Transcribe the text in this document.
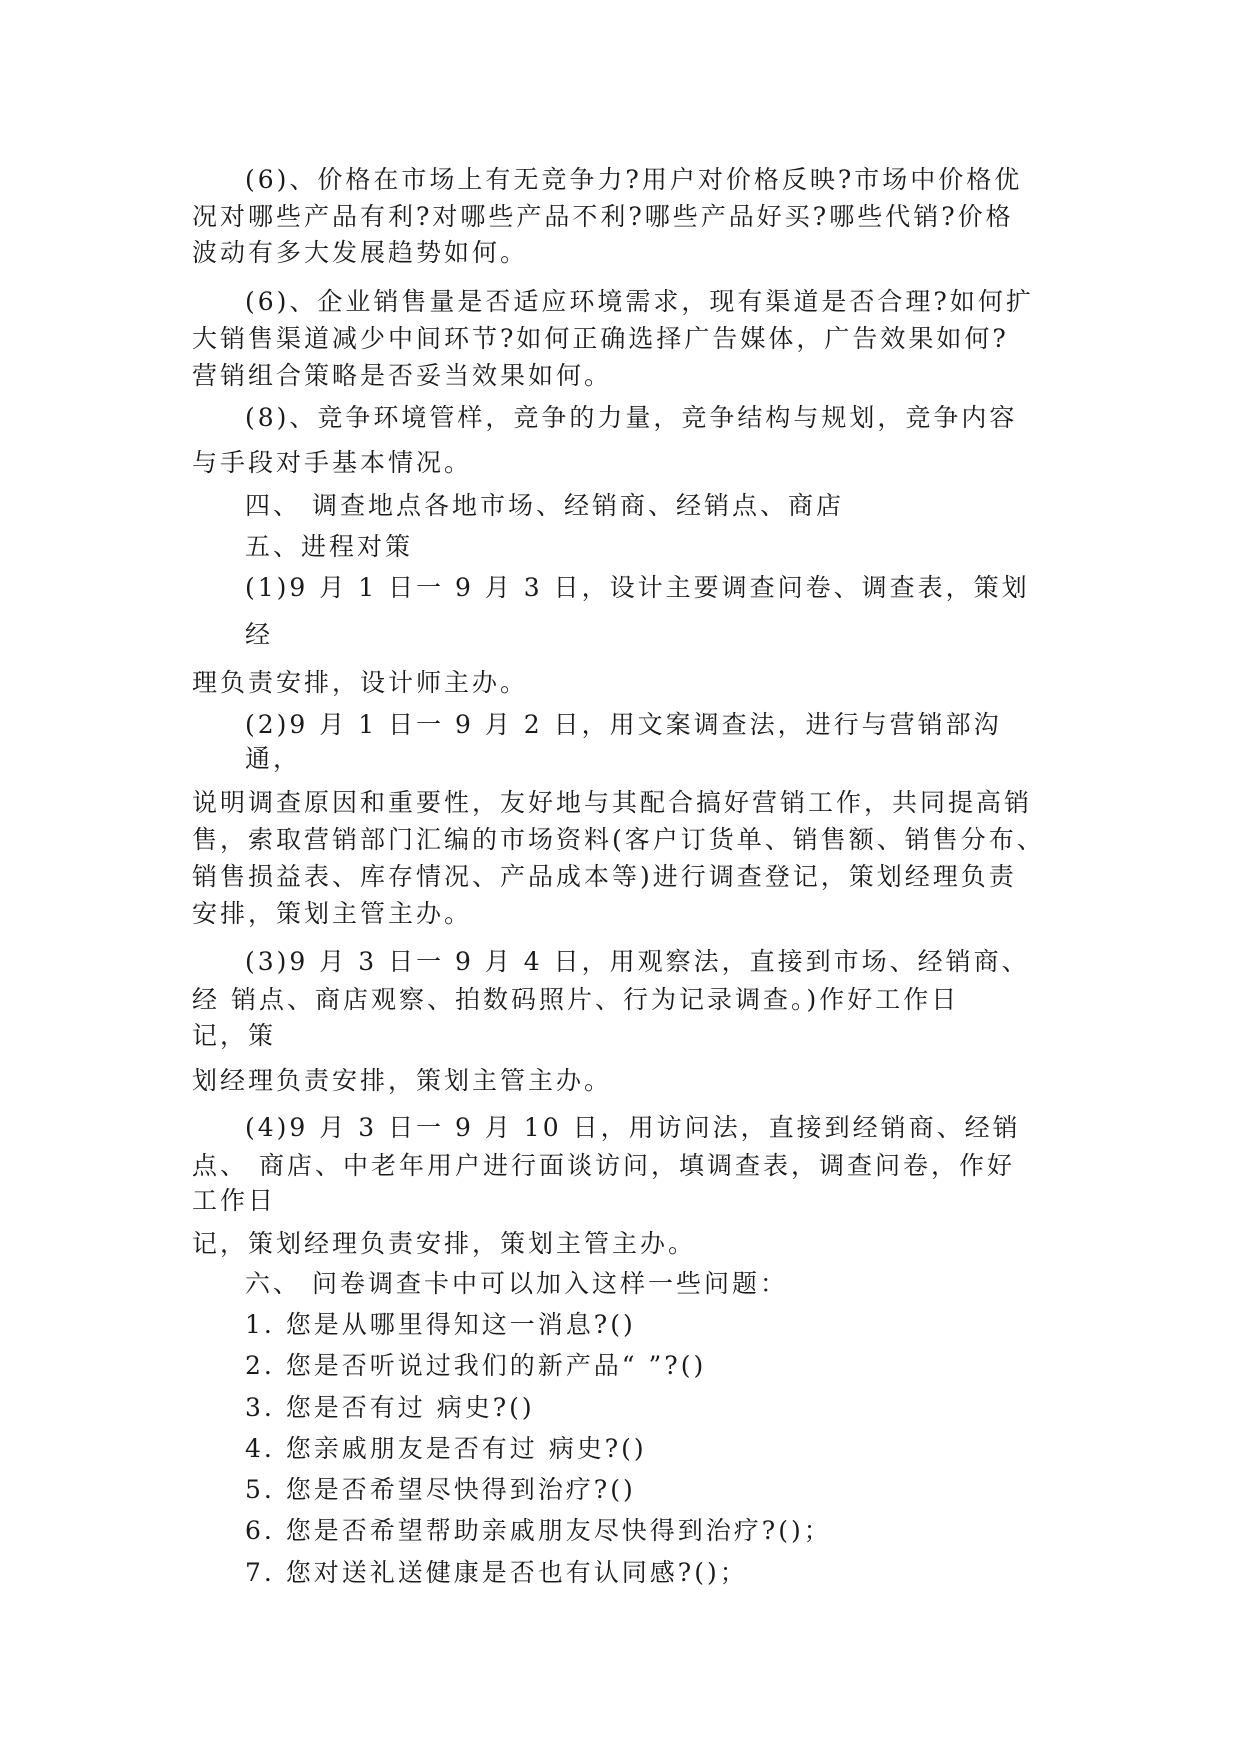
(6)、价格在市场上有无竞争力?用户对价格反映?市场中价格优

况对哪些产品有利?对哪些产品不利?哪些产品好买?哪些代销?价格

波动有多大发展趋势如何。

(6)、企业销售量是否适应环境需求，现有渠道是否合理?如何扩

大销售渠道减少中间环节?如何正确选择广告媒体，广告效果如何?

营销组合策略是否妥当效果如何。

(8)、竞争环境管样，竞争的力量，竞争结构与规划，竞争内容

与手段对手基本情况。

四、 调查地点各地市场、经销商、经销点、商店

五、进程对策

(1)9 月 1 日一 9 月 3 日，设计主要调查问卷、调查表，策划

经

理负责安排，设计师主办。

(2)9 月 1 日一 9 月 2 日，用文案调查法，进行与营销部沟

通，

说明调查原因和重要性，友好地与其配合搞好营销工作，共同提高销

售，索取营销部门汇编的市场资料(客户订货单、销售额、销售分布、

销售损益表、库存情况、产品成本等)进行调查登记，策划经理负责

安排，策划主管主办。

(3)9 月 3 日一 9 月 4 日，用观察法，直接到市场、经销商、

经 销点、商店观察、拍数码照片、行为记录调查。)作好工作日

记，策

划经理负责安排，策划主管主办。

(4)9 月 3 日一 9 月 10 日，用访问法，直接到经销商、经销

点、 商店、中老年用户进行面谈访问，填调查表，调查问卷，作好

工作日

记，策划经理负责安排，策划主管主办。

六、 问卷调查卡中可以加入这样一些问题：

1. 您是从哪里得知这一消息?()

2. 您是否听说过我们的新产品“ ”?()

3. 您是否有过 病史?()

4. 您亲戚朋友是否有过 病史?()

5. 您是否希望尽快得到治疗?()

6. 您是否希望帮助亲戚朋友尽快得到治疗?()；

7. 您对送礼送健康是否也有认同感?()；
